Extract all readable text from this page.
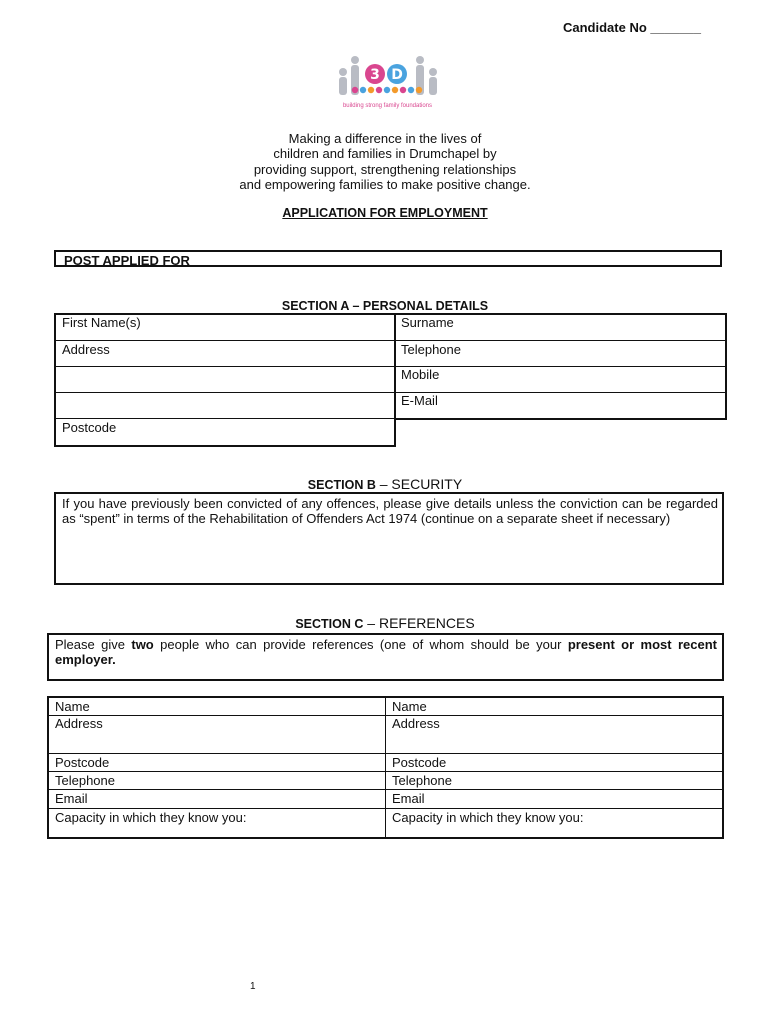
Candidate No _______
3 D
building strong family foundations
Making a difference in the lives of
children and families in Drumchapel by
providing support, strengthening relationships
and empowering families to make positive change.
APPLICATION FOR EMPLOYMENT
POST APPLIED FOR
SECTION A – PERSONAL DETAILS
First Name(s)	Surname
Address	Telephone
Mobile
E-Mail
Postcode
SECTION B – SECURITY
If you have previously been convicted of any offences, please give details unless the conviction can be regarded as “spent” in terms of the Rehabilitation of Offenders Act 1974 (continue on a separate sheet if necessary)
SECTION C – REFERENCES
Please give two people who can provide references (one of whom should be your present or most recent employer.
Name
Address
Postcode
Telephone
Email
Capacity in which they know you:
Name
Address
Postcode
Telephone
Email
Capacity in which they know you:
1
